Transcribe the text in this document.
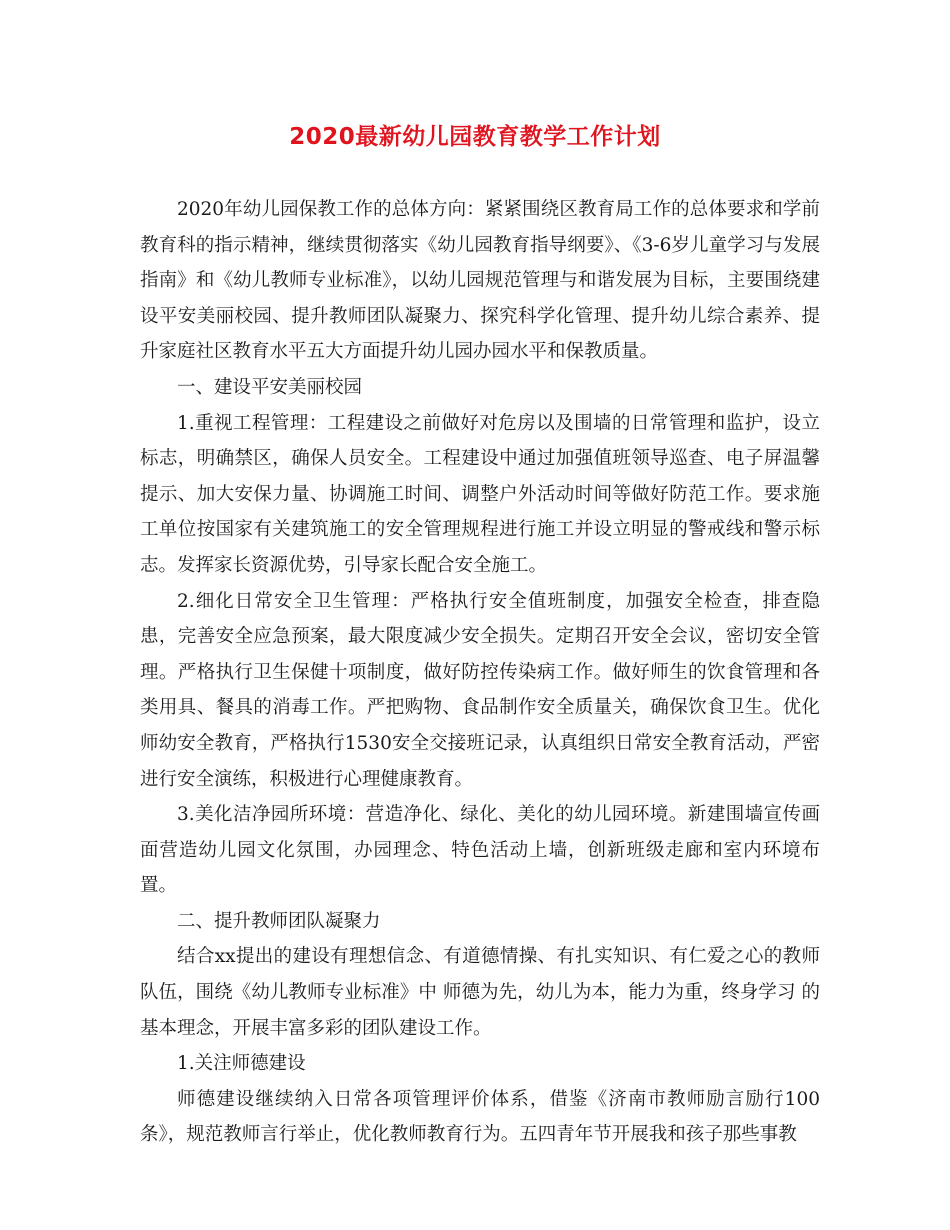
2020最新幼儿园教育教学工作计划

2020年幼儿园保教工作的总体方向：紧紧围绕区教育局工作的总体要求和学前教育科的指示精神，继续贯彻落实《幼儿园教育指导纲要》、《3-6岁儿童学习与发展指南》和《幼儿教师专业标准》，以幼儿园规范管理与和谐发展为目标，主要围绕建设平安美丽校园、提升教师团队凝聚力、探究科学化管理、提升幼儿综合素养、提升家庭社区教育水平五大方面提升幼儿园办园水平和保教质量。

一、建设平安美丽校园

1.重视工程管理：工程建设之前做好对危房以及围墙的日常管理和监护，设立标志，明确禁区，确保人员安全。工程建设中通过加强值班领导巡查、电子屏温馨提示、加大安保力量、协调施工时间、调整户外活动时间等做好防范工作。要求施工单位按国家有关建筑施工的安全管理规程进行施工并设立明显的警戒线和警示标志。发挥家长资源优势，引导家长配合安全施工。

2.细化日常安全卫生管理：严格执行安全值班制度，加强安全检查，排查隐患，完善安全应急预案，最大限度减少安全损失。定期召开安全会议，密切安全管理。严格执行卫生保健十项制度，做好防控传染病工作。做好师生的饮食管理和各类用具、餐具的消毒工作。严把购物、食品制作安全质量关，确保饮食卫生。优化师幼安全教育，严格执行1530安全交接班记录，认真组织日常安全教育活动，严密进行安全演练，积极进行心理健康教育。

3.美化洁净园所环境：营造净化、绿化、美化的幼儿园环境。新建围墙宣传画面营造幼儿园文化氛围，办园理念、特色活动上墙，创新班级走廊和室内环境布置。

二、提升教师团队凝聚力

结合xx提出的建设有理想信念、有道德情操、有扎实知识、有仁爱之心的教师队伍，围绕《幼儿教师专业标准》中 师德为先，幼儿为本，能力为重，终身学习 的基本理念，开展丰富多彩的团队建设工作。

1.关注师德建设

师德建设继续纳入日常各项管理评价体系，借鉴《济南市教师励言励行100条》，规范教师言行举止，优化教师教育行为。五四青年节开展我和孩子那些事教
